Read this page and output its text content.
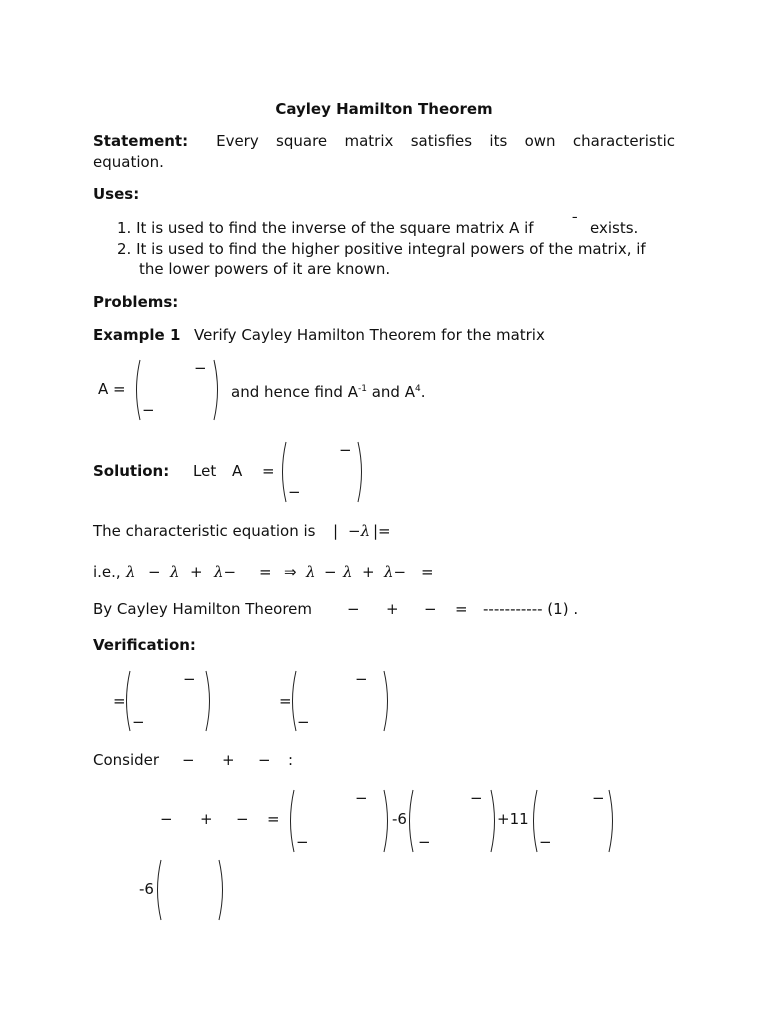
Cayley Hamilton Theorem
Statement: Every square matrix satisfies its own characteristic
equation.
Uses:
1. It is used to find the inverse of the square matrix A if ¯ exists.
2. It is used to find the higher positive integral powers of the matrix, if
the lower powers of it are known.
Problems:
Example 1 Verify Cayley Hamilton Theorem for the matrix
A =
−
−
and hence find $A^{-1}$ and $A^4$.
Solution: Let A =
−
−
The characteristic equation is | −λ |=
i.e., λ − λ + λ− = ⇒ λ − λ + λ− =
By Cayley Hamilton Theorem − + − = ----------- (1) .
Verification:
=
−
−
=
−
−
Consider − + − :
− + − =
−
−
-6
−
−
+11
−
−
-6
